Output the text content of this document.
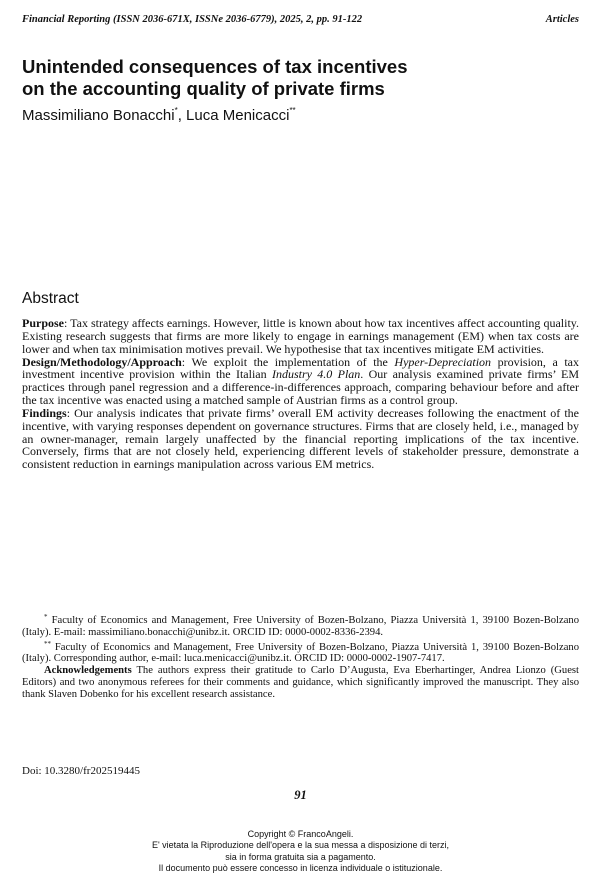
Financial Reporting (ISSN 2036-671X, ISSNe 2036-6779), 2025, 2, pp. 91-122	Articles
Unintended consequences of tax incentives
on the accounting quality of private firms
Massimiliano Bonacchi*, Luca Menicacci**
Abstract

Purpose: Tax strategy affects earnings. However, little is known about how tax incentives affect accounting quality. Existing research suggests that firms are more likely to engage in earnings management (EM) when tax costs are lower and when tax minimisation motives prevail. We hypothesise that tax incentives mitigate EM activities.

Design/Methodology/Approach: We exploit the implementation of the Hyper-Depreciation provision, a tax investment incentive provision within the Italian Industry 4.0 Plan. Our analysis examined private firms’ EM practices through panel regression and a difference-in-differences approach, comparing behaviour before and after the tax incentive was enacted using a matched sample of Austrian firms as a control group.

Findings: Our analysis indicates that private firms’ overall EM activity decreases following the enactment of the incentive, with varying responses dependent on governance structures. Firms that are closely held, i.e., managed by an owner-manager, remain largely unaffected by the financial reporting implications of the tax incentive. Conversely, firms that are not closely held, experiencing different levels of stakeholder pressure, demonstrate a consistent reduction in earnings manipulation across various EM metrics.

* Faculty of Economics and Management, Free University of Bozen-Bolzano, Piazza Università 1, 39100 Bozen-Bolzano (Italy). E-mail: massimiliano.bonacchi@unibz.it. ORCID ID: 0000-0002-8336-2394.

** Faculty of Economics and Management, Free University of Bozen-Bolzano, Piazza Università 1, 39100 Bozen-Bolzano (Italy). Corresponding author, e-mail: luca.menicacci@unibz.it. ORCID ID: 0000-0002-1907-7417.

Acknowledgements The authors express their gratitude to Carlo D’Augusta, Eva Eberhartinger, Andrea Lionzo (Guest Editors) and two anonymous referees for their comments and guidance, which significantly improved the manuscript. They also thank Slaven Dobenko for his excellent research assistance.

Doi: 10.3280/fr202519445
91
Copyright © FrancoAngeli.
E' vietata la Riproduzione dell'opera e la sua messa a disposizione di terzi,
sia in forma gratuita sia a pagamento.
Il documento può essere concesso in licenza individuale o istituzionale.
